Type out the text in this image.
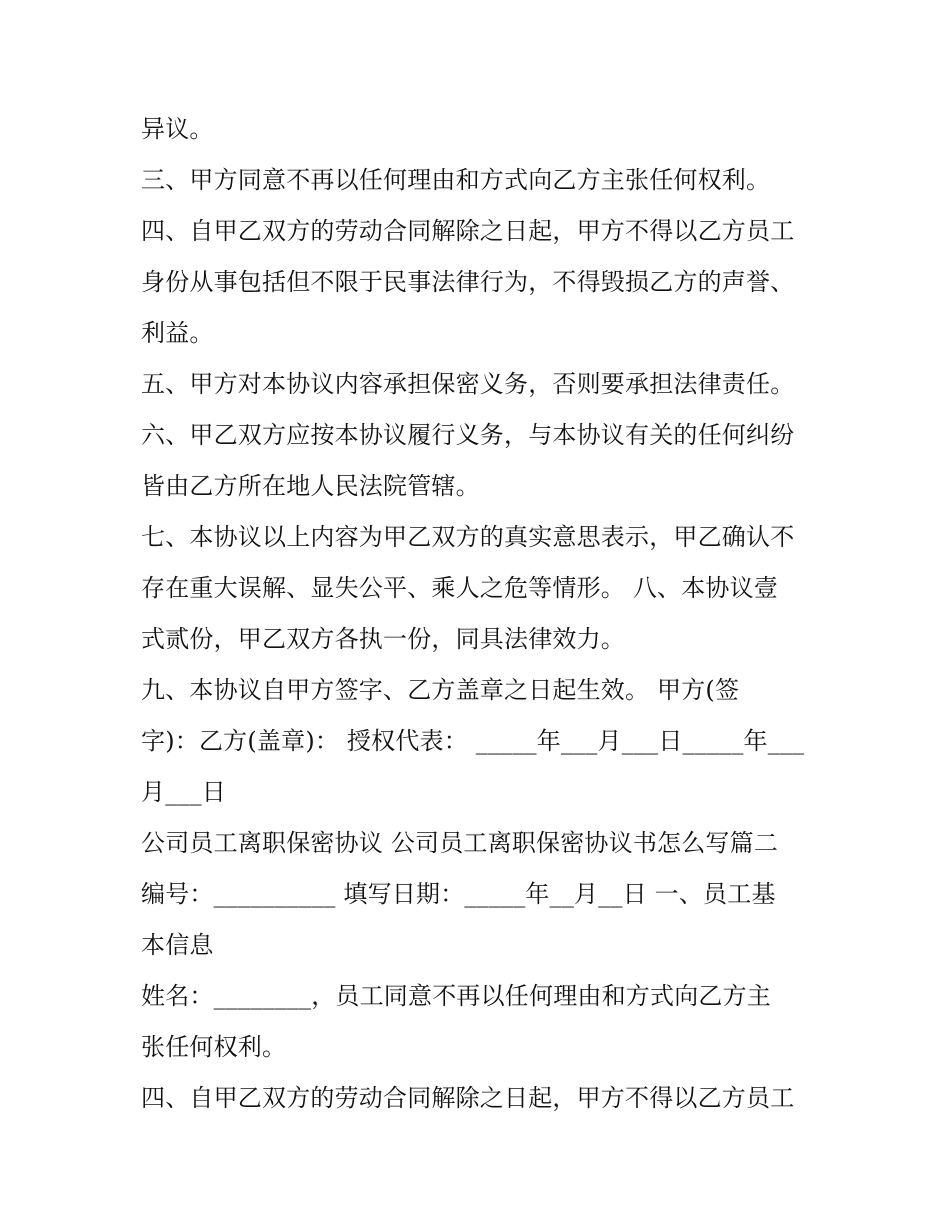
异议。
三、甲方同意不再以任何理由和方式向乙方主张任何权利。
四、自甲乙双方的劳动合同解除之日起，甲方不得以乙方员工
身份从事包括但不限于民事法律行为，不得毁损乙方的声誉、
利益。
五、甲方对本协议内容承担保密义务，否则要承担法律责任。
六、甲乙双方应按本协议履行义务，与本协议有关的任何纠纷
皆由乙方所在地人民法院管辖。
七、本协议以上内容为甲乙双方的真实意思表示，甲乙确认不
存在重大误解、显失公平、乘人之危等情形。 八、本协议壹
式贰份，甲乙双方各执一份，同具法律效力。
九、本协议自甲方签字、乙方盖章之日起生效。 甲方(签
字)：乙方(盖章)： 授权代表： _____年___月___日_____年___
月___日
公司员工离职保密协议 公司员工离职保密协议书怎么写篇二
编号：__________ 填写日期：_____年__月__日 一、员工基
本信息
姓名：________，员工同意不再以任何理由和方式向乙方主
张任何权利。
四、自甲乙双方的劳动合同解除之日起，甲方不得以乙方员工
